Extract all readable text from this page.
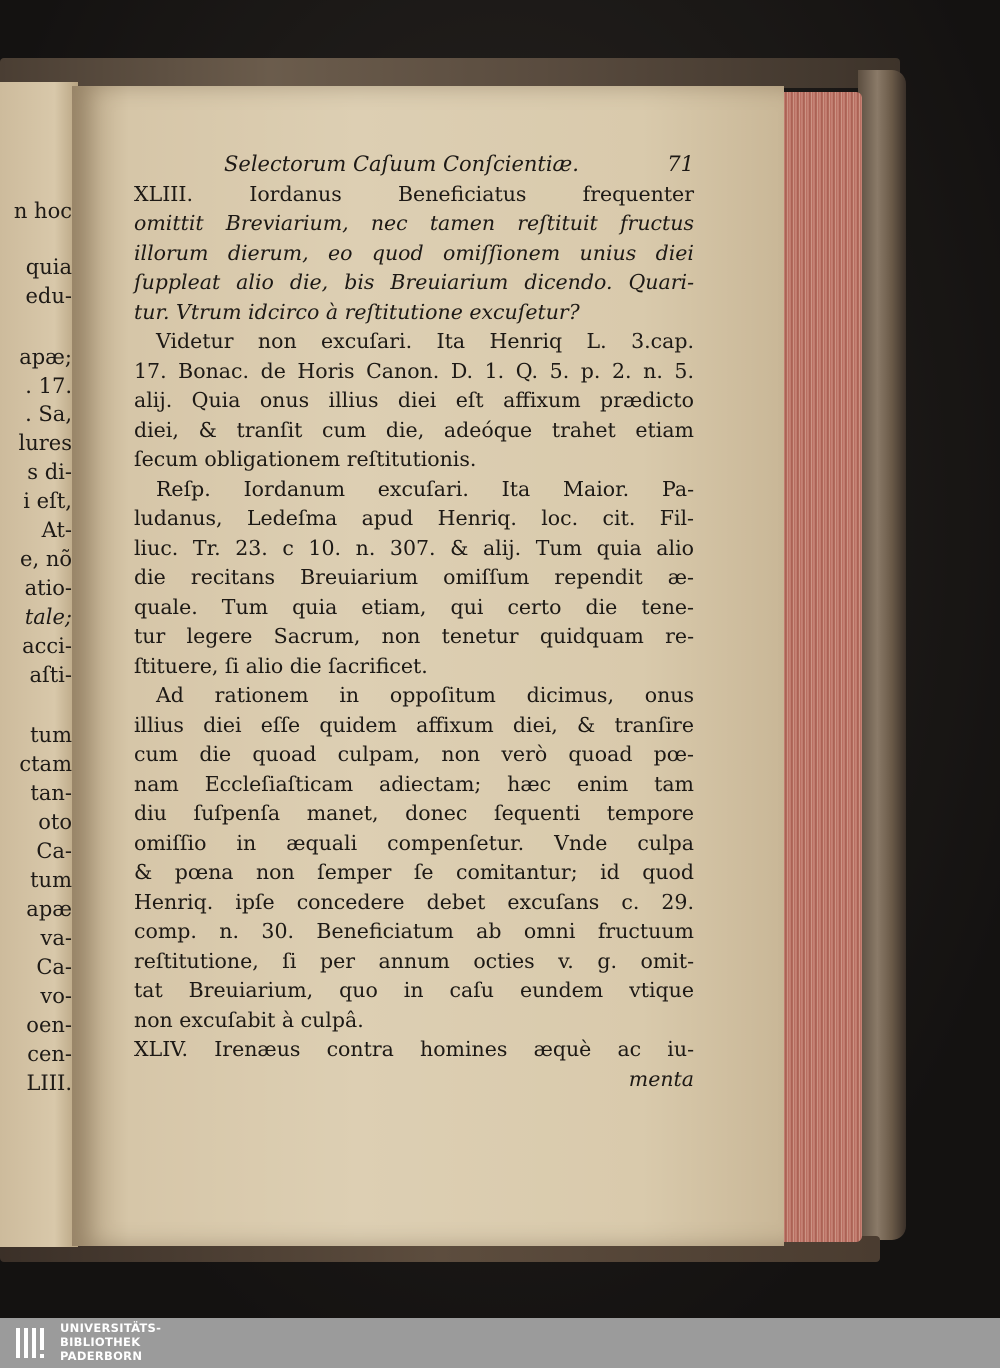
n hoc
quia
edu-
apæ;
. 17.
. Sa,
lures
s di-
i eſt,
At-
e, nõ
atio-
tale;
acci-
aſti-
tum
ctam
tan-
oto
Ca-
tum
apæ
va-
Ca-
vo-
oen-
cen-
LIII.
Selectorum Caſuum Conſcientiæ.	71
XLIII. Iordanus Beneficiatus frequenter
omittit Breviarium, nec tamen reſtituit fructus
illorum dierum, eo quod omiſſionem unius diei
ſuppleat alio die, bis Breuiarium dicendo. Quari-
tur. Vtrum idcirco à reſtitutione excuſetur?
Videtur non excuſari. Ita Henriq L. 3.cap.
17. Bonac. de Horis Canon. D. 1. Q. 5. p. 2. n. 5.
alij. Quia onus illius diei eſt affixum prædicto
diei, & tranſit cum die, adeóque trahet etiam
ſecum obligationem reſtitutionis.
Reſp. Iordanum excuſari. Ita Maior. Pa-
ludanus, Ledeſma apud Henriq. loc. cit. Fil-
liuc. Tr. 23. c 10. n. 307. & alij. Tum quia alio
die recitans Breuiarium omiſſum rependit æ-
quale. Tum quia etiam, qui certo die tene-
tur legere Sacrum, non tenetur quidquam re-
ſtituere, ſi alio die ſacrificet.
Ad rationem in oppoſitum dicimus, onus
illius diei eſſe quidem affixum diei, & tranſire
cum die quoad culpam, non verò quoad pœ-
nam Eccleſiaſticam adiectam; hæc enim tam
diu ſuſpenſa manet, donec ſequenti tempore
omiſſio in æquali compenſetur. Vnde culpa
& pœna non ſemper ſe comitantur; id quod
Henriq. ipſe concedere debet excuſans c. 29.
comp. n. 30. Beneficiatum ab omni fructuum
reſtitutione, ſi per annum octies v. g. omit-
tat Breuiarium, quo in caſu eundem vtique
non excuſabit à culpâ.
XLIV. Irenæus contra homines æquè ac iu-
menta
UNIVERSITÄTS-
BIBLIOTHEK
PADERBORN
